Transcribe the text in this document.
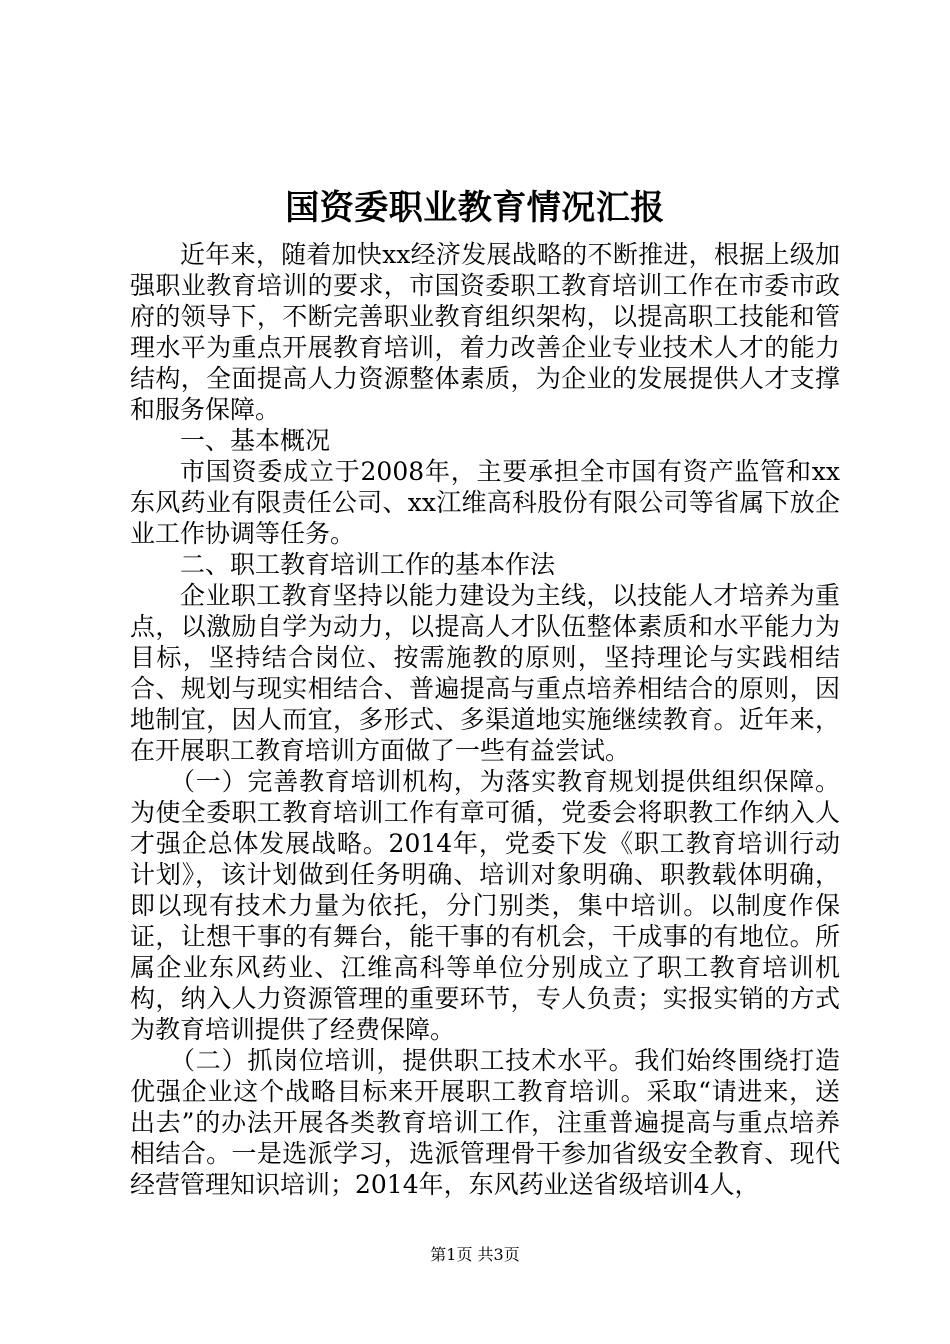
国资委职业教育情况汇报

近年来，随着加快xx经济发展战略的不断推进，根据上级加强职业教育培训的要求，市国资委职工教育培训工作在市委市政府的领导下，不断完善职业教育组织架构，以提高职工技能和管理水平为重点开展教育培训，着力改善企业专业技术人才的能力结构，全面提高人力资源整体素质，为企业的发展提供人才支撑和服务保障。

一、基本概况

市国资委成立于2008年，主要承担全市国有资产监管和xx东风药业有限责任公司、xx江维高科股份有限公司等省属下放企业工作协调等任务。

二、职工教育培训工作的基本作法

企业职工教育坚持以能力建设为主线，以技能人才培养为重点，以激励自学为动力，以提高人才队伍整体素质和水平能力为目标，坚持结合岗位、按需施教的原则，坚持理论与实践相结合、规划与现实相结合、普遍提高与重点培养相结合的原则，因地制宜，因人而宜，多形式、多渠道地实施继续教育。近年来，在开展职工教育培训方面做了一些有益尝试。

（一）完善教育培训机构，为落实教育规划提供组织保障。为使全委职工教育培训工作有章可循，党委会将职教工作纳入人才强企总体发展战略。2014年，党委下发《职工教育培训行动计划》，该计划做到任务明确、培训对象明确、职教载体明确，即以现有技术力量为依托，分门别类，集中培训。以制度作保证，让想干事的有舞台，能干事的有机会，干成事的有地位。所属企业东风药业、江维高科等单位分别成立了职工教育培训机构，纳入人力资源管理的重要环节，专人负责；实报实销的方式为教育培训提供了经费保障。

（二）抓岗位培训，提供职工技术水平。我们始终围绕打造优强企业这个战略目标来开展职工教育培训。采取“请进来，送出去”的办法开展各类教育培训工作，注重普遍提高与重点培养相结合。一是选派学习，选派管理骨干参加省级安全教育、现代经营管理知识培训；2014年，东风药业送省级培训4人，

第1页 共3页
